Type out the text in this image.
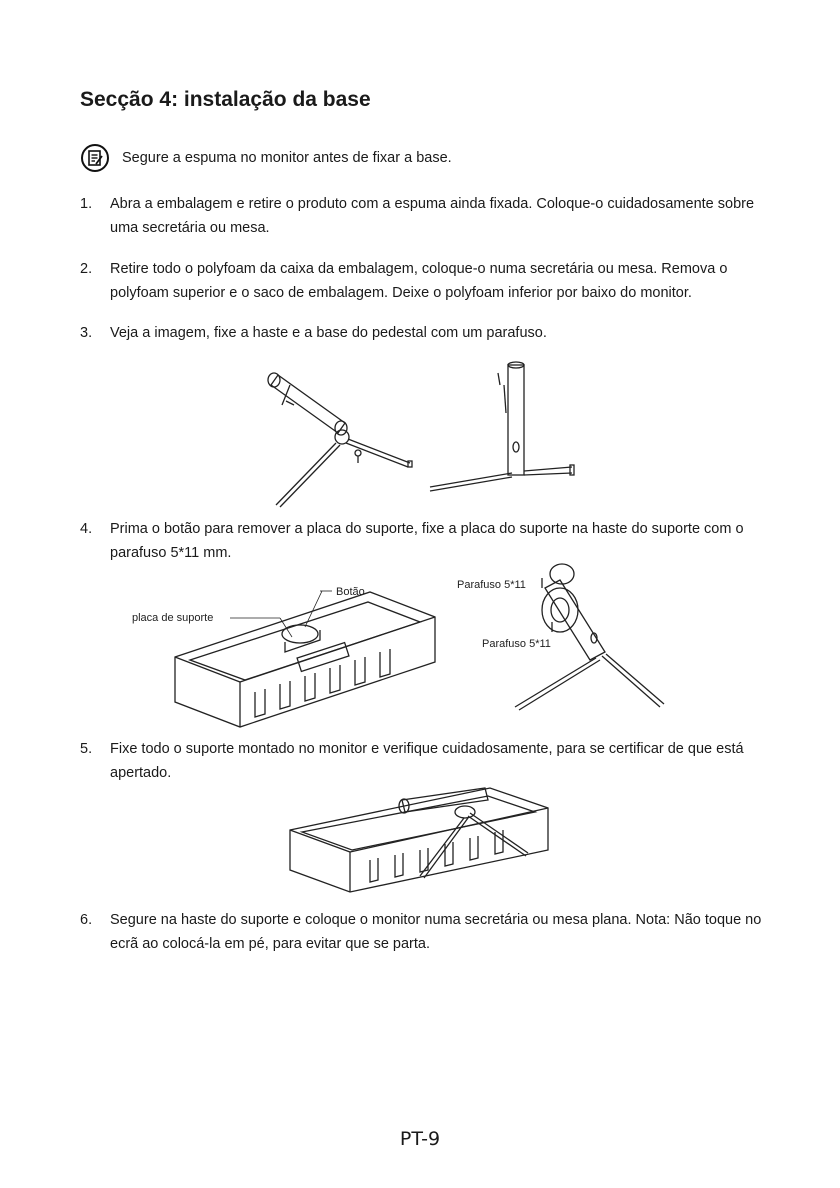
Secção 4: instalação da base
Segure a espuma no monitor antes de fixar a base.
1.	Abra a embalagem e retire o produto com a espuma ainda fixada. Coloque-o cuidadosamente sobre uma secretária ou mesa.
2.	Retire todo o polyfoam da caixa da embalagem, coloque-o numa secretária ou mesa. Remova o polyfoam superior e o saco de embalagem. Deixe o polyfoam inferior por baixo do monitor.
3.	Veja a imagem, fixe a haste e a base do pedestal com um parafuso.
4.	Prima o botão para remover a placa do suporte, fixe a placa do suporte na haste do suporte com o parafuso 5*11 mm.
Botão
placa de suporte
Parafuso 5*11
Parafuso 5*11
5.	Fixe todo o suporte montado no monitor e verifique cuidadosamente, para se certificar de que está apertado.
6.	Segure na haste do suporte e coloque o monitor numa secretária ou mesa plana. Nota: Não toque no ecrã ao colocá-la em pé, para evitar que se parta.
PT-9
